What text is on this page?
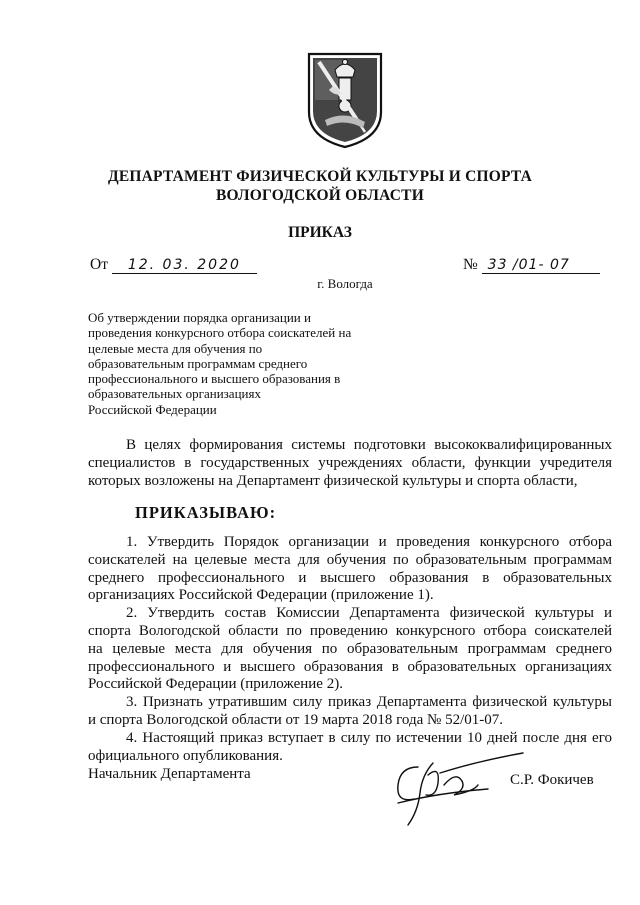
ДЕПАРТАМЕНТ ФИЗИЧЕСКОЙ КУЛЬТУРЫ И СПОРТА
ВОЛОГОДСКОЙ ОБЛАСТИ
ПРИКАЗ
От 12. 03. 2020	№ 33 /01- 07
г. Вологда
Об утверждении порядка организации и
проведения конкурсного отбора соискателей на
целевые места для обучения по
образовательным программам среднего
профессионального и высшего образования в
образовательных организациях
Российской Федерации
В целях формирования системы подготовки высококвалифицированных
специалистов в государственных учреждениях области, функции учредителя
которых возложены на Департамент физической культуры и спорта области,
ПРИКАЗЫВАЮ:
1. Утвердить Порядок организации и проведения конкурсного отбора
соискателей на целевые места для обучения по образовательным программам
среднего профессионального и высшего образования в образовательных
организациях Российской Федерации (приложение 1).
2. Утвердить состав Комиссии Департамента физической культуры и
спорта Вологодской области по проведению конкурсного отбора соискателей
на целевые места для обучения по образовательным программам среднего
профессионального и высшего образования в образовательных организациях
Российской Федерации (приложение 2).
3. Признать утратившим силу приказ Департамента физической культуры
и спорта Вологодской области от 19 марта 2018 года № 52/01-07.
4. Настоящий приказ вступает в силу по истечении 10 дней после дня его
официального опубликования.
Начальник Департамента	С.Р. Фокичев
